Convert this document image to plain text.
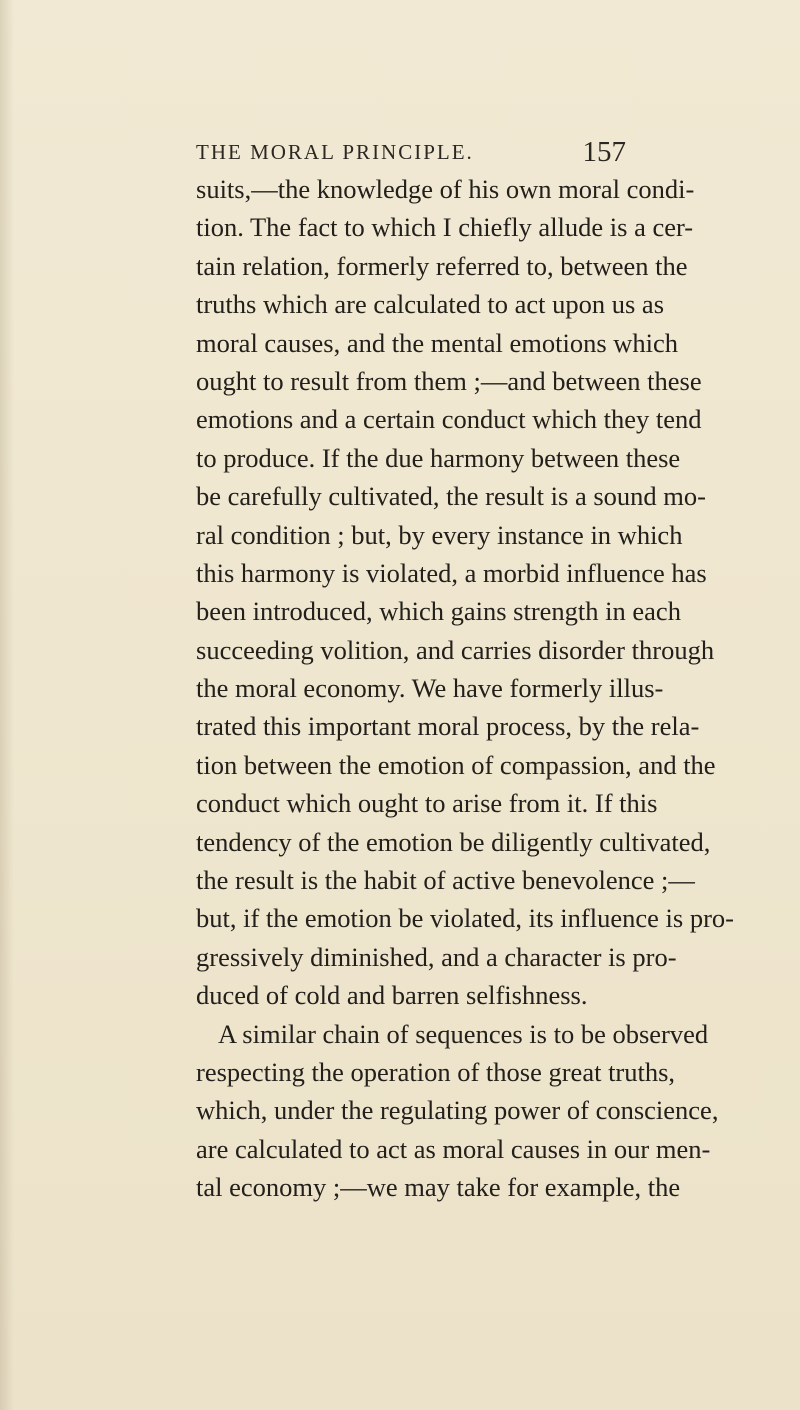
THE MORAL PRINCIPLE.	157
suits,—the knowledge of his own moral condi-
tion. The fact to which I chiefly allude is a cer-
tain relation, formerly referred to, between the
truths which are calculated to act upon us as
moral causes, and the mental emotions which
ought to result from them ;—and between these
emotions and a certain conduct which they tend
to produce. If the due harmony between these
be carefully cultivated, the result is a sound mo-
ral condition ; but, by every instance in which
this harmony is violated, a morbid influence has
been introduced, which gains strength in each
succeeding volition, and carries disorder through
the moral economy. We have formerly illus-
trated this important moral process, by the rela-
tion between the emotion of compassion, and the
conduct which ought to arise from it. If this
tendency of the emotion be diligently cultivated,
the result is the habit of active benevolence ;—
but, if the emotion be violated, its influence is pro-
gressively diminished, and a character is pro-
duced of cold and barren selfishness.
A similar chain of sequences is to be observed
respecting the operation of those great truths,
which, under the regulating power of conscience,
are calculated to act as moral causes in our men-
tal economy ;—we may take for example, the
